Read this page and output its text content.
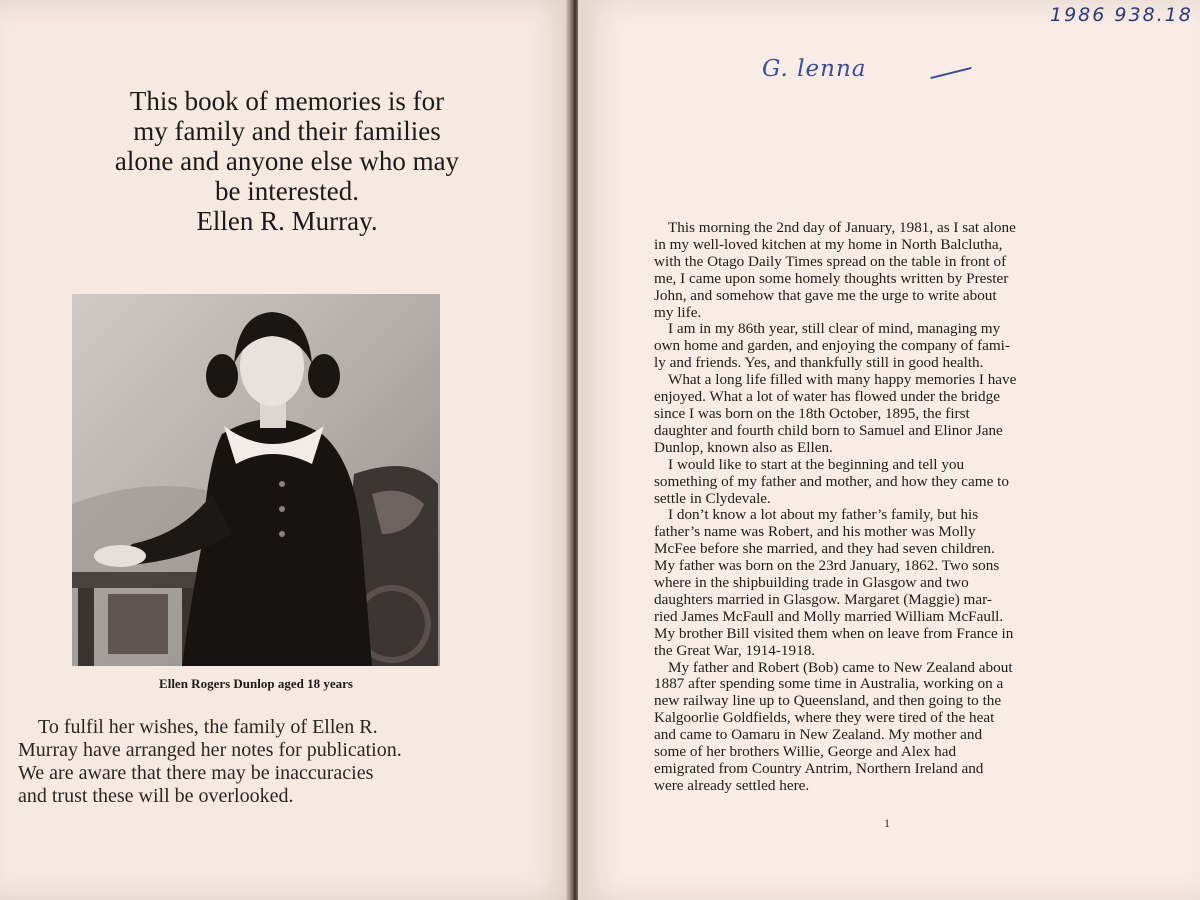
This book of memories is for
my family and their families
alone and anyone else who may
be interested.
Ellen R. Murray.
Ellen Rogers Dunlop aged 18 years
To fulfil her wishes, the family of Ellen R.
Murray have arranged her notes for publication.
We are aware that there may be inaccuracies
and trust these will be overlooked.
1986 938.18
G. lenna
This morning the 2nd day of January, 1981, as I sat alone
in my well-loved kitchen at my home in North Balclutha,
with the Otago Daily Times spread on the table in front of
me, I came upon some homely thoughts written by Prester
John, and somehow that gave me the urge to write about
my life.
I am in my 86th year, still clear of mind, managing my
own home and garden, and enjoying the company of fami-
ly and friends. Yes, and thankfully still in good health.
What a long life filled with many happy memories I have
enjoyed. What a lot of water has flowed under the bridge
since I was born on the 18th October, 1895, the first
daughter and fourth child born to Samuel and Elinor Jane
Dunlop, known also as Ellen.
I would like to start at the beginning and tell you
something of my father and mother, and how they came to
settle in Clydevale.
I don’t know a lot about my father’s family, but his
father’s name was Robert, and his mother was Molly
McFee before she married, and they had seven children.
My father was born on the 23rd January, 1862. Two sons
where in the shipbuilding trade in Glasgow and two
daughters married in Glasgow. Margaret (Maggie) mar-
ried James McFaull and Molly married William McFaull.
My brother Bill visited them when on leave from France in
the Great War, 1914-1918.
My father and Robert (Bob) came to New Zealand about
1887 after spending some time in Australia, working on a
new railway line up to Queensland, and then going to the
Kalgoorlie Goldfields, where they were tired of the heat
and came to Oamaru in New Zealand. My mother and
some of her brothers Willie, George and Alex had
emigrated from Country Antrim, Northern Ireland and
were already settled here.
1
